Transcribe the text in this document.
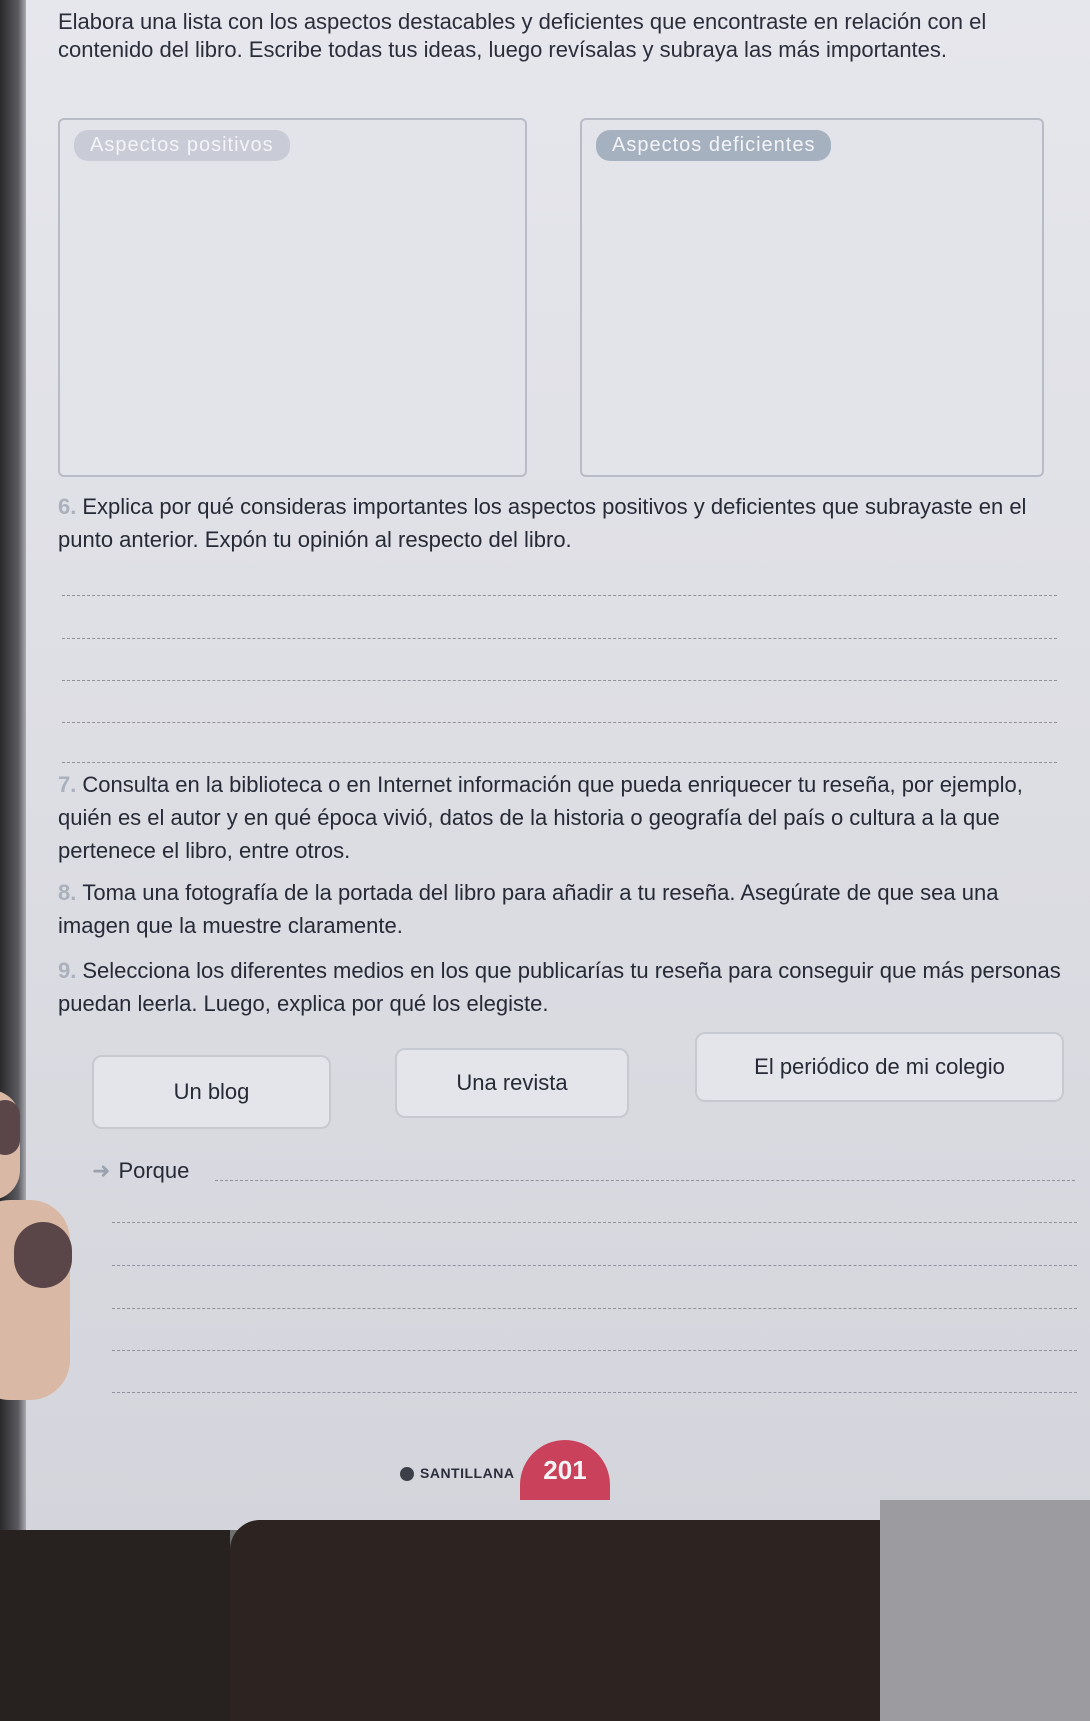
Elabora una lista con los aspectos destacables y deficientes que encontraste en relación con el contenido del libro. Escribe todas tus ideas, luego revísalas y subraya las más importantes.

Aspectos positivos	Aspectos deficientes

6. Explica por qué consideras importantes los aspectos positivos y deficientes que subrayaste en el punto anterior. Expón tu opinión al respecto del libro.

7. Consulta en la biblioteca o en Internet información que pueda enriquecer tu reseña, por ejemplo, quién es el autor y en qué época vivió, datos de la historia o geografía del país o cultura a la que pertenece el libro, entre otros.

8. Toma una fotografía de la portada del libro para añadir a tu reseña. Asegúrate de que sea una imagen que la muestre claramente.

9. Selecciona los diferentes medios en los que publicarías tu reseña para conseguir que más personas puedan leerla. Luego, explica por qué los elegiste.

Un blog	Una revista
El periódico de mi colegio
➜ Porque
SANTILLANA	201
